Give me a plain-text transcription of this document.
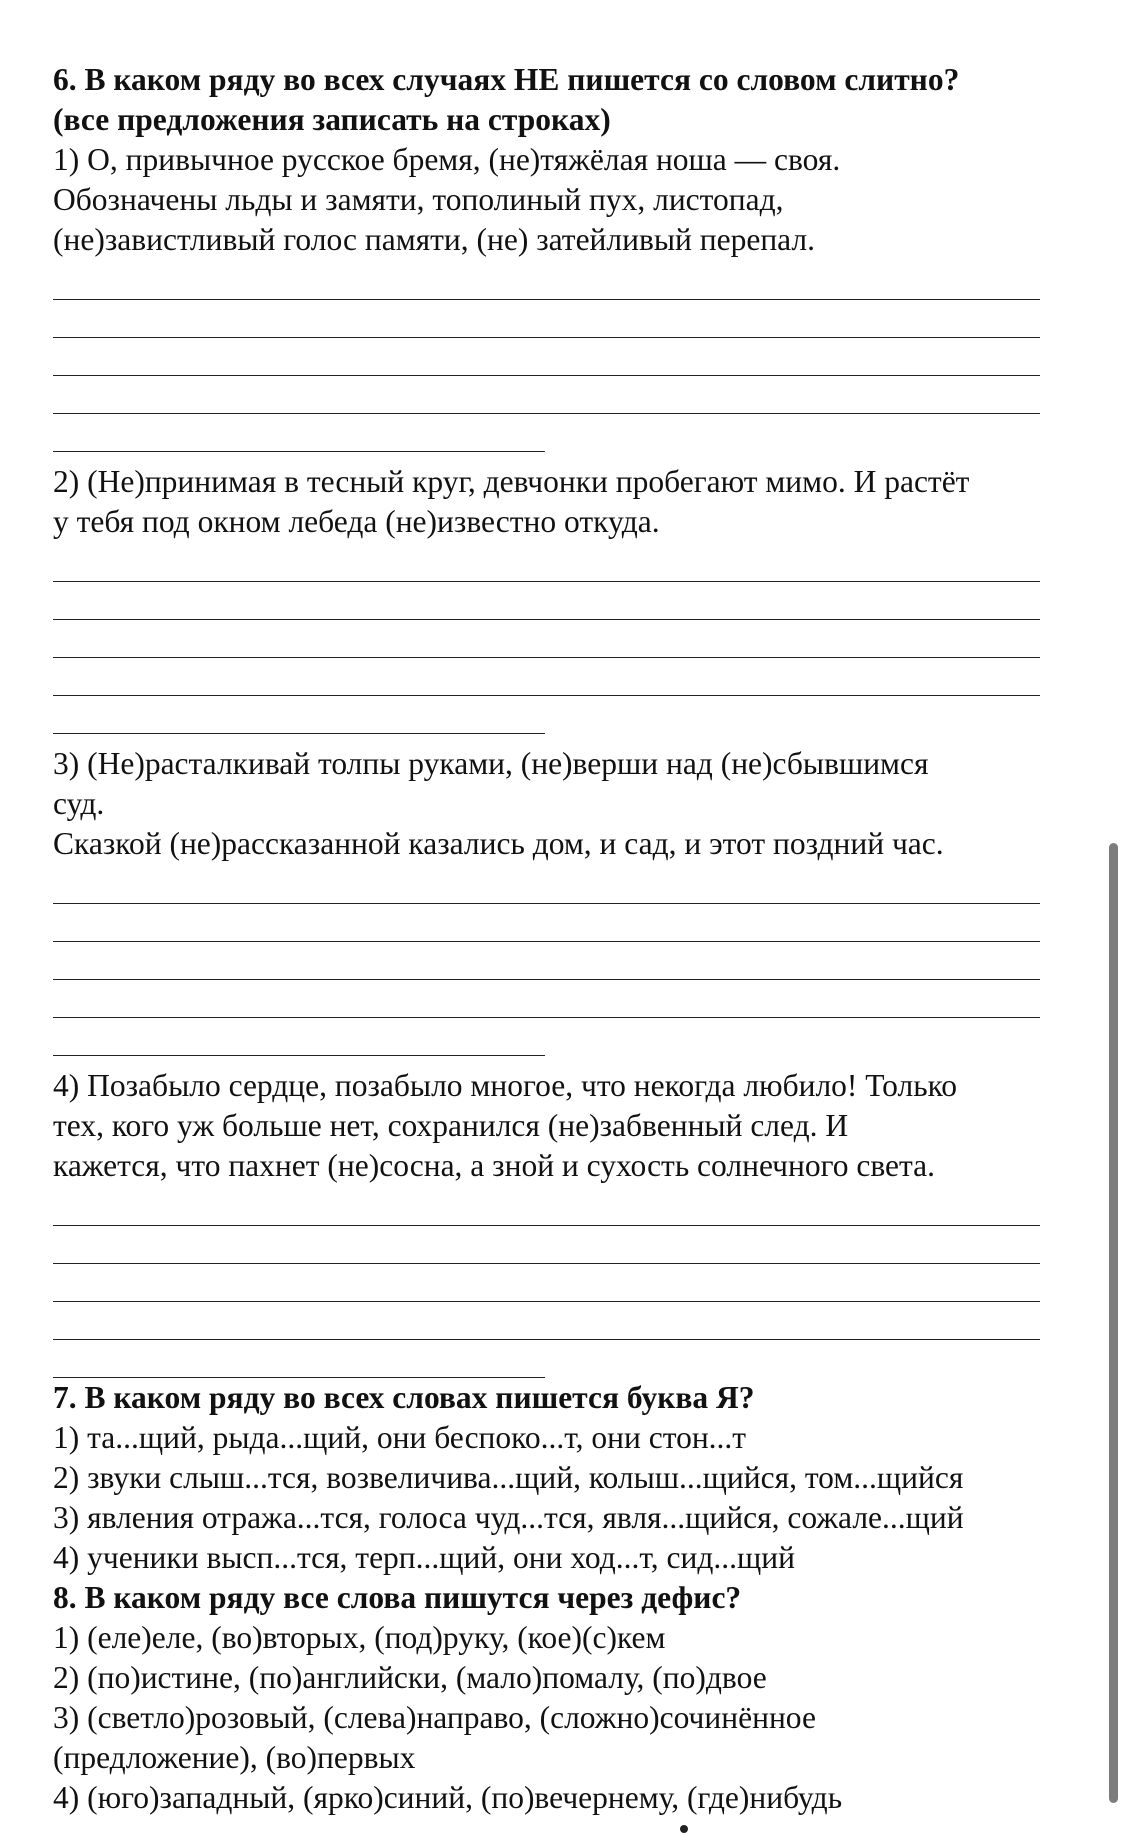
6. В каком ряду во всех случаях НЕ пишется со словом слитно?
(все предложения записать на строках)
1) О, привычное русское бремя, (не)тяжёлая ноша — своя.
Обозначены льды и замяти, тополиный пух, листопад,
(не)завистливый голос памяти, (не) затейливый перепал.
2) (Не)принимая в тесный круг, девчонки пробегают мимо. И растёт
у тебя под окном лебеда (не)известно откуда.
3) (Не)расталкивай толпы руками, (не)верши над (не)сбывшимся
суд.
Сказкой (не)рассказанной казались дом, и сад, и этот поздний час.
4) Позабыло сердце, позабыло многое, что некогда любило! Только
тех, кого уж больше нет, сохранился (не)забвенный след. И
кажется, что пахнет (не)сосна, а зной и сухость солнечного света.
7. В каком ряду во всех словах пишется буква Я?
1) та...щий, рыда...щий, они беспоко...т, они стон...т
2) звуки слыш...тся, возвеличива...щий, колыш...щийся, том...щийся
3) явления отража...тся, голоса чуд...тся, явля...щийся, сожале...щий
4) ученики высп...тся, терп...щий, они ход...т, сид...щий
8. В каком ряду все слова пишутся через дефис?
1) (еле)еле, (во)вторых, (под)руку, (кое)(с)кем
2) (по)истине, (по)английски, (мало)помалу, (по)двое
3) (светло)розовый, (слева)направо, (сложно)сочинённое
(предложение), (во)первых
4) (юго)западный, (ярко)синий, (по)вечернему, (где)нибудь
